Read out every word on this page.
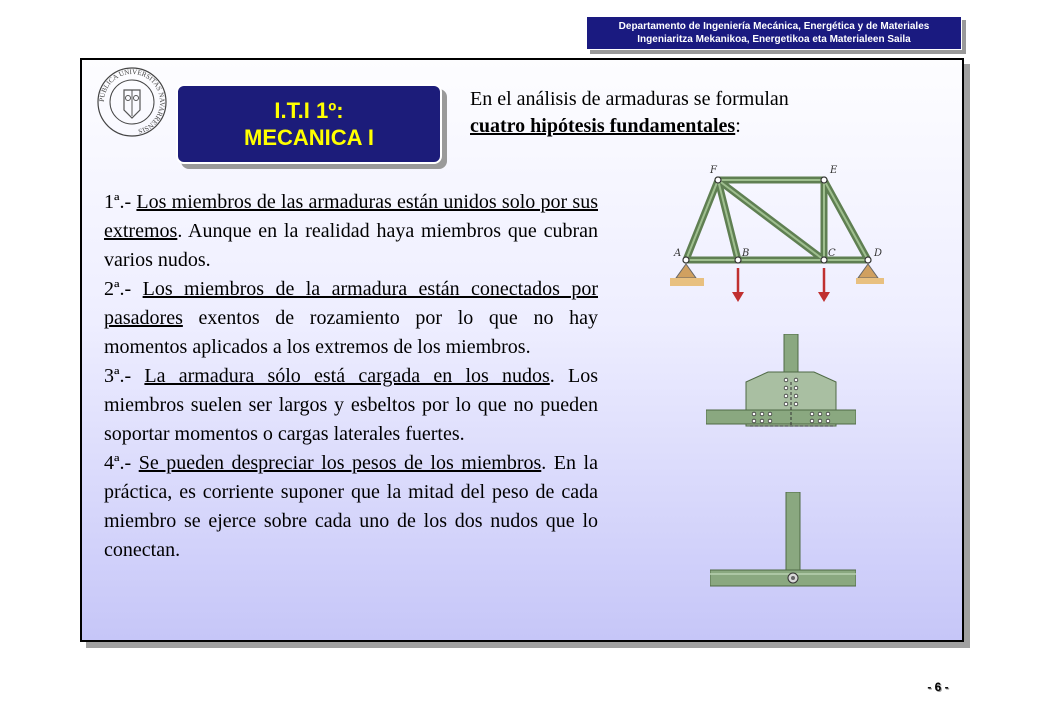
Departamento de Ingeniería Mecánica, Energética y de Materiales
Ingeniaritza Mekanikoa, Energetikoa eta Materialeen Saila
PUBLICA UNIVERSITAS NAVARRENSIS
I.T.I 1º:
MECANICA I
En el análisis de armaduras se formulan
cuatro hipótesis fundamentales:

1ª.- Los miembros de las armaduras están unidos solo por sus extremos. Aunque en la realidad haya miembros que cubran varios nudos.

2ª.- Los miembros de la armadura están conectados por pasadores exentos de rozamiento por lo que no hay momentos aplicados a los extremos de los miembros.

3ª.- La armadura sólo está cargada en los nudos. Los miembros suelen ser largos y esbeltos por lo que no pueden soportar momentos o cargas laterales fuertes.

4ª.- Se pueden despreciar los pesos de los miembros. En la práctica, es corriente suponer que la mitad del peso de cada miembro se ejerce sobre cada uno de los dos nudos que lo conectan.

F	E
A	B	C	D
- 6 -
